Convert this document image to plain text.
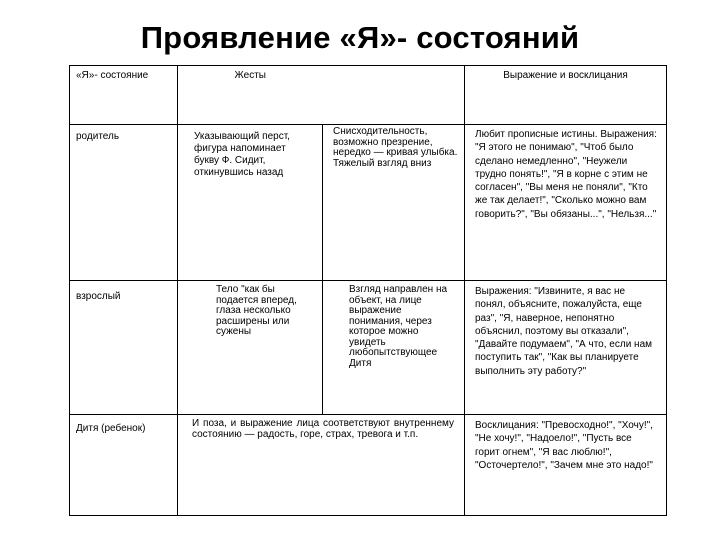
Проявление «Я»- состояний
«Я»- состояние	Жесты		Выражение и восклицания

родитель	Указывающий перст, фигура напоминает букву Ф. Сидит, откинувшись назад	Снисходительность, возможно презрение, нередко — кривая улыбка. Тяжелый взгляд вниз	Любит прописные истины. Выражения: "Я этого не понимаю", "Чтоб было сделано немедленно", "Неужели трудно понять!", "Я в корне с этим не согласен", "Вы меня не поняли", "Кто же так делает!", "Сколько можно вам говорить?", "Вы обязаны...", "Нельзя..."

взрослый	Тело "как бы подается вперед, глаза несколько расширены или сужены	Взгляд направлен на объект, на лице выражение понимания, через которое можно увидеть любопытствующее Дитя	Выражения: "Извините, я вас не понял, объясните, пожалуйста, еще раз", "Я, наверное, непонятно объяснил, поэтому вы отказали", "Давайте подумаем", "А что, если нам поступить так", "Как вы планируете выполнить эту работу?"

Дитя (ребенок)	И поза, и выражение лица соответствуют внутреннему состоянию — радость, горе, страх, тревога и т.п.		Восклицания: "Превосходно!", "Хочу!", "Не хочу!", "Надоело!", "Пусть все горит огнем", "Я вас люблю!", "Осточертело!", "Зачем мне это надо!"
